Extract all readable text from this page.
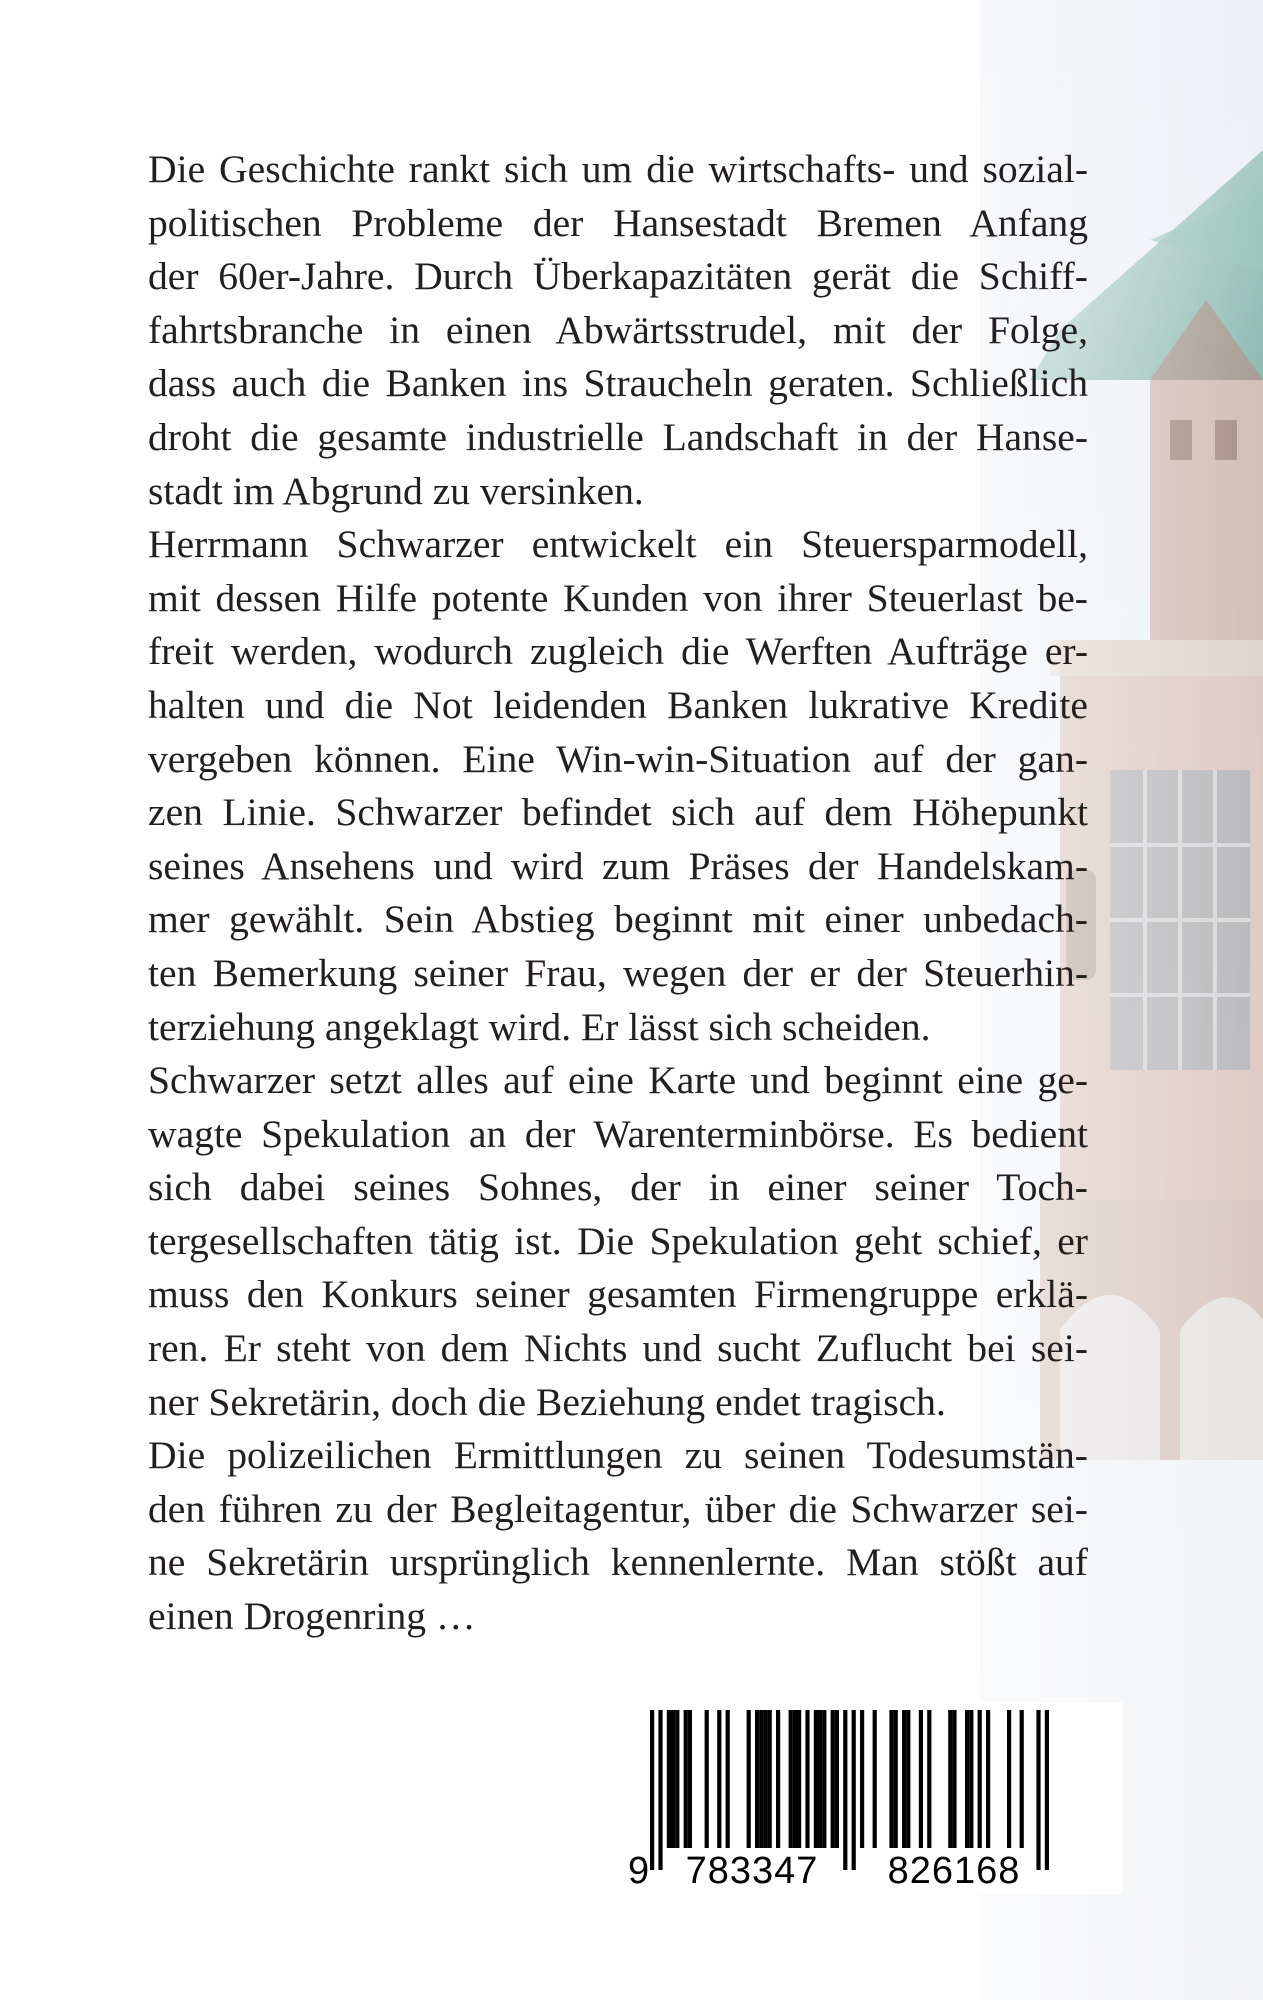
Die Geschichte rankt sich um die wirtschafts- und sozial-
politischen Probleme der Hansestadt Bremen Anfang
der 60er-Jahre. Durch Überkapazitäten gerät die Schiff-
fahrtsbranche in einen Abwärtsstrudel, mit der Folge,
dass auch die Banken ins Straucheln geraten. Schließlich
droht die gesamte industrielle Landschaft in der Hanse-
stadt im Abgrund zu versinken.
Herrmann Schwarzer entwickelt ein Steuersparmodell,
mit dessen Hilfe potente Kunden von ihrer Steuerlast be-
freit werden, wodurch zugleich die Werften Aufträge er-
halten und die Not leidenden Banken lukrative Kredite
vergeben können. Eine Win-win-Situation auf der gan-
zen Linie. Schwarzer befindet sich auf dem Höhepunkt
seines Ansehens und wird zum Präses der Handelskam-
mer gewählt. Sein Abstieg beginnt mit einer unbedach-
ten Bemerkung seiner Frau, wegen der er der Steuerhin-
terziehung angeklagt wird. Er lässt sich scheiden.
Schwarzer setzt alles auf eine Karte und beginnt eine ge-
wagte Spekulation an der Warenterminbörse. Es bedient
sich dabei seines Sohnes, der in einer seiner Toch-
tergesellschaften tätig ist. Die Spekulation geht schief, er
muss den Konkurs seiner gesamten Firmengruppe erklä-
ren. Er steht von dem Nichts und sucht Zuflucht bei sei-
ner Sekretärin, doch die Beziehung endet tragisch.
Die polizeilichen Ermittlungen zu seinen Todesumstän-
den führen zu der Begleitagentur, über die Schwarzer sei-
ne Sekretärin ursprünglich kennenlernte. Man stößt auf
einen Drogenring …
9 783347 826168
